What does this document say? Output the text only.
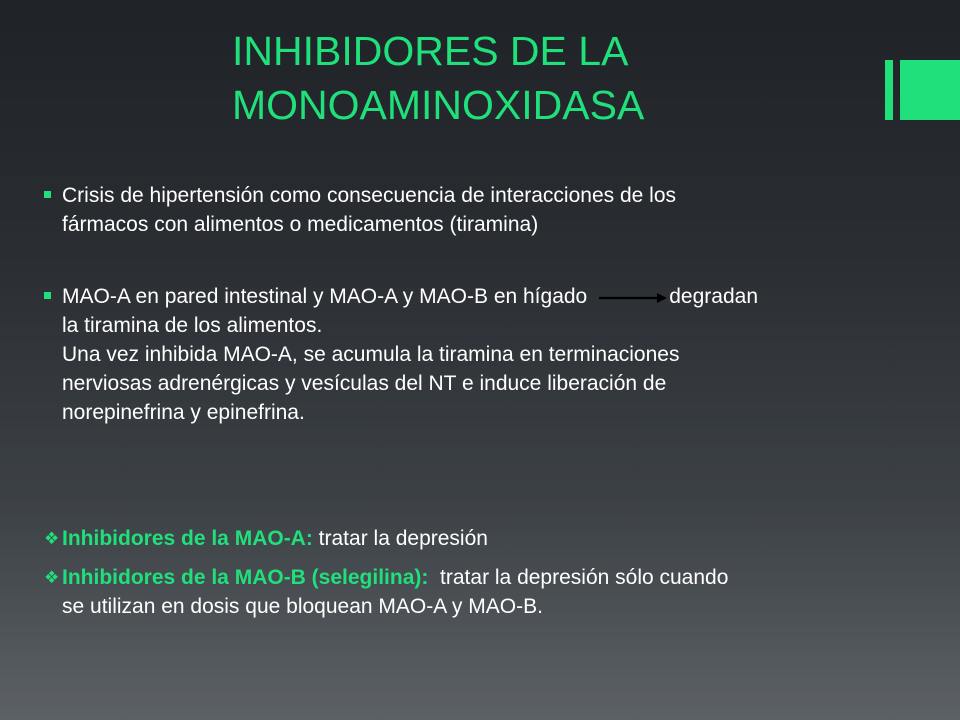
INHIBIDORES DE LA
MONOAMINOXIDASA
Crisis de hipertensión como consecuencia de interacciones de los
fármacos con alimentos o medicamentos (tiramina)
MAO-A en pared intestinal y MAO-A y MAO-B en hígado	degradan
la tiramina de los alimentos.
Una vez inhibida MAO-A, se acumula la tiramina en terminaciones
nerviosas adrenérgicas y vesículas del NT e induce liberación de
norepinefrina y epinefrina.
❖ Inhibidores de la MAO-A: tratar la depresión
❖ Inhibidores de la MAO-B (selegilina):  tratar la depresión sólo cuando
se utilizan en dosis que bloquean MAO-A y MAO-B.
